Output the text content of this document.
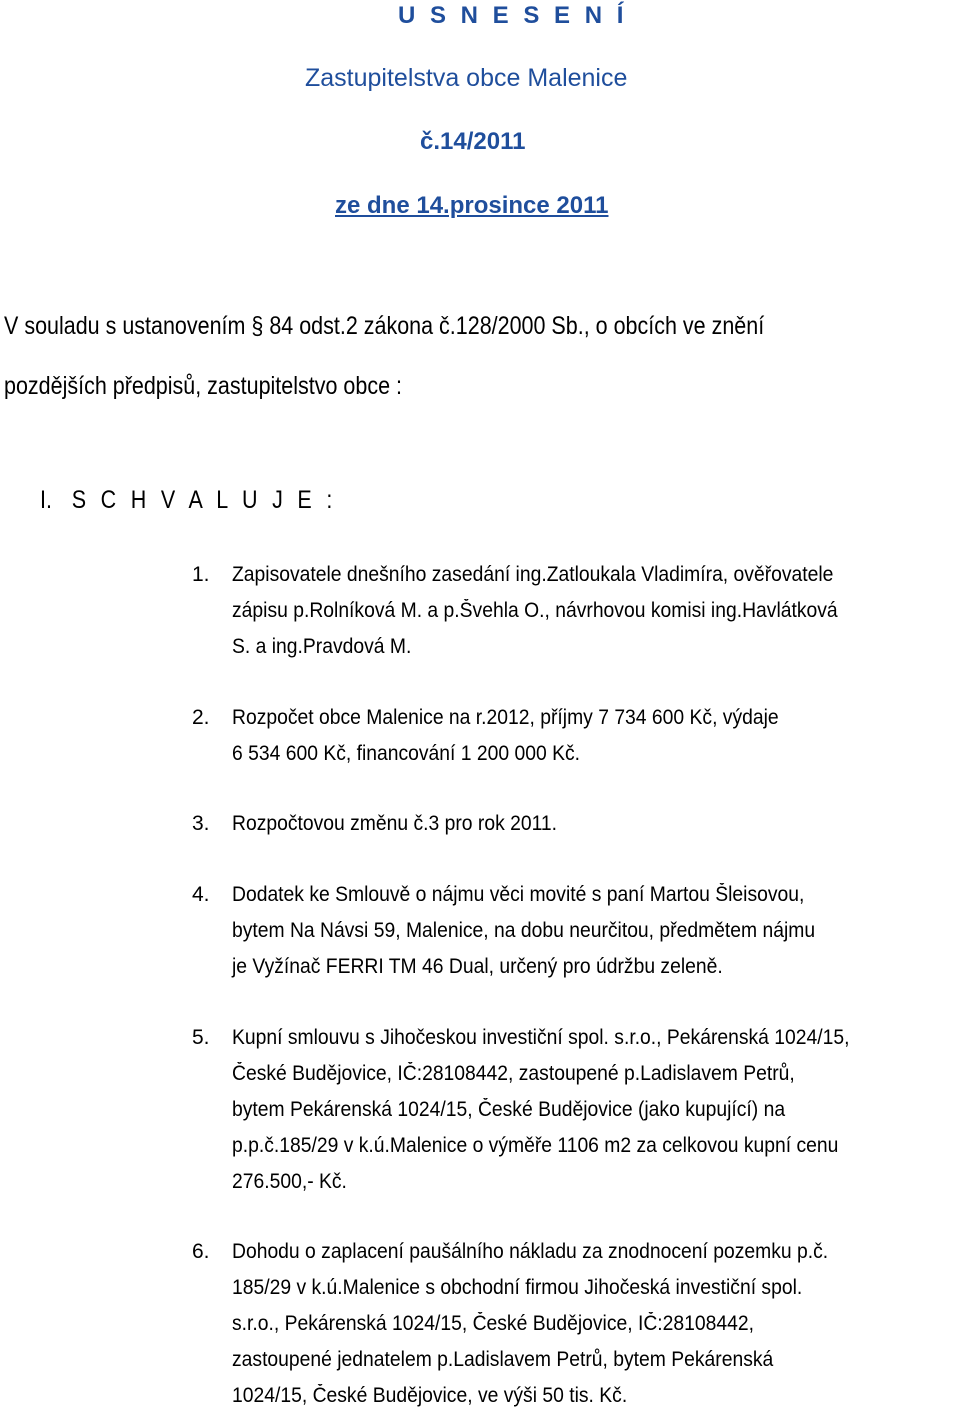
U S N E S E N Í
Zastupitelstva obce Malenice
č.14/2011
ze dne 14.prosince 2011
V souladu s ustanovením § 84 odst.2 zákona č.128/2000 Sb., o obcích ve znění
pozdějších předpisů, zastupitelstvo obce :
I. S C H V A L U J E :
1. Zapisovatele dnešního zasedání ing.Zatloukala Vladimíra, ověřovatele
zápisu p.Rolníková M. a p.Švehla O., návrhovou komisi ing.Havlátková
S. a ing.Pravdová M.
2. Rozpočet obce Malenice na r.2012, příjmy 7 734 600 Kč, výdaje
6 534 600 Kč, financování 1 200 000 Kč.
3. Rozpočtovou změnu č.3 pro rok 2011.
4. Dodatek ke Smlouvě o nájmu věci movité s paní Martou Šleisovou,
bytem Na Návsi 59, Malenice, na dobu neurčitou, předmětem nájmu
je Vyžínač FERRI TM 46 Dual, určený pro údržbu zeleně.
5. Kupní smlouvu s Jihočeskou investiční spol. s.r.o., Pekárenská 1024/15,
České Budějovice, IČ:28108442, zastoupené p.Ladislavem Petrů,
bytem Pekárenská 1024/15, České Budějovice (jako kupující) na
p.p.č.185/29 v k.ú.Malenice o výměře 1106 m2 za celkovou kupní cenu
276.500,- Kč.
6. Dohodu o zaplacení paušálního nákladu za znodnocení pozemku p.č.
185/29 v k.ú.Malenice s obchodní firmou Jihočeská investiční spol.
s.r.o., Pekárenská 1024/15, České Budějovice, IČ:28108442,
zastoupené jednatelem p.Ladislavem Petrů, bytem Pekárenská
1024/15, České Budějovice, ve výši 50 tis. Kč.
